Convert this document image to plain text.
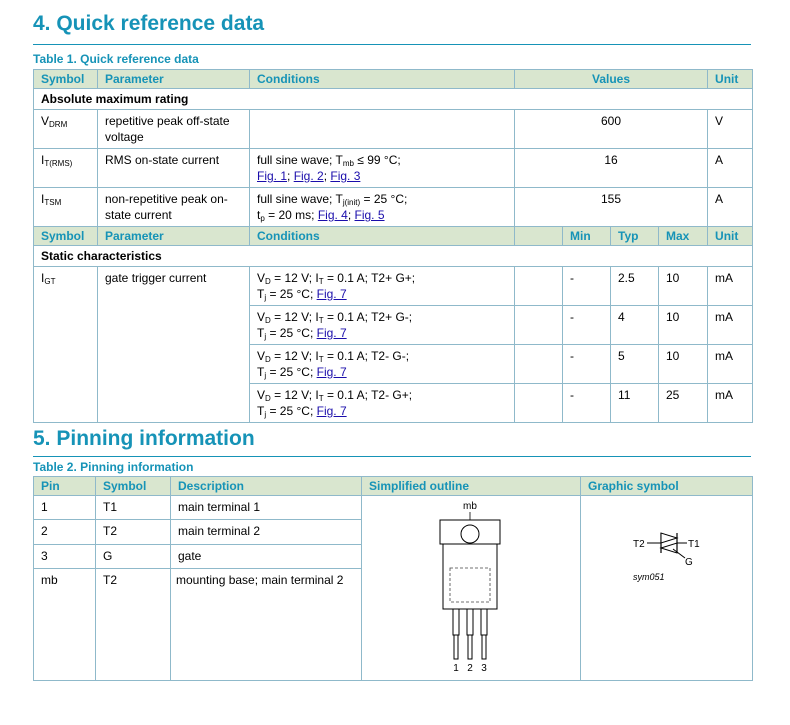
4. Quick reference data
Table 1. Quick reference data
Symbol	Parameter	Conditions	Values				Unit
Absolute maximum rating							
$V_{DRM}$	repetitive peak off-state voltage		600				V
$I_{T(RMS)}$	RMS on-state current	full sine wave; $T_{mb} \le 99$ °C;
Fig. 1; Fig. 2; Fig. 3	16				A
$I_{TSM}$	non-repetitive peak on-state current	full sine wave; $T_{j(init)} = 25$ °C;
$t_p = 20$ ms; Fig. 4; Fig. 5	155				A
Symbol	Parameter	Conditions		Min	Typ	Max	Unit
Static characteristics							
$I_{GT}$	gate trigger current	$V_D = 12$ V; $I_T = 0.1$ A; T2+ G+;
$T_j = 25$ °C; Fig. 7		-	2.5	10	mA
		$V_D = 12$ V; $I_T = 0.1$ A; T2+ G-;
$T_j = 25$ °C; Fig. 7		-	4	10	mA
		$V_D = 12$ V; $I_T = 0.1$ A; T2- G-;
$T_j = 25$ °C; Fig. 7		-	5	10	mA
		$V_D = 12$ V; $I_T = 0.1$ A; T2- G+;
$T_j = 25$ °C; Fig. 7		-	11	25	mA
5. Pinning information
Table 2. Pinning information
Pin	Symbol	Description	Simplified outline	Graphic symbol
1	T1	main terminal 1	mb
1 2 3	T2 T1
G
sym051

2	T2	main terminal 2		
3	G	gate		
mb	T2	mounting base; main terminal 2		
